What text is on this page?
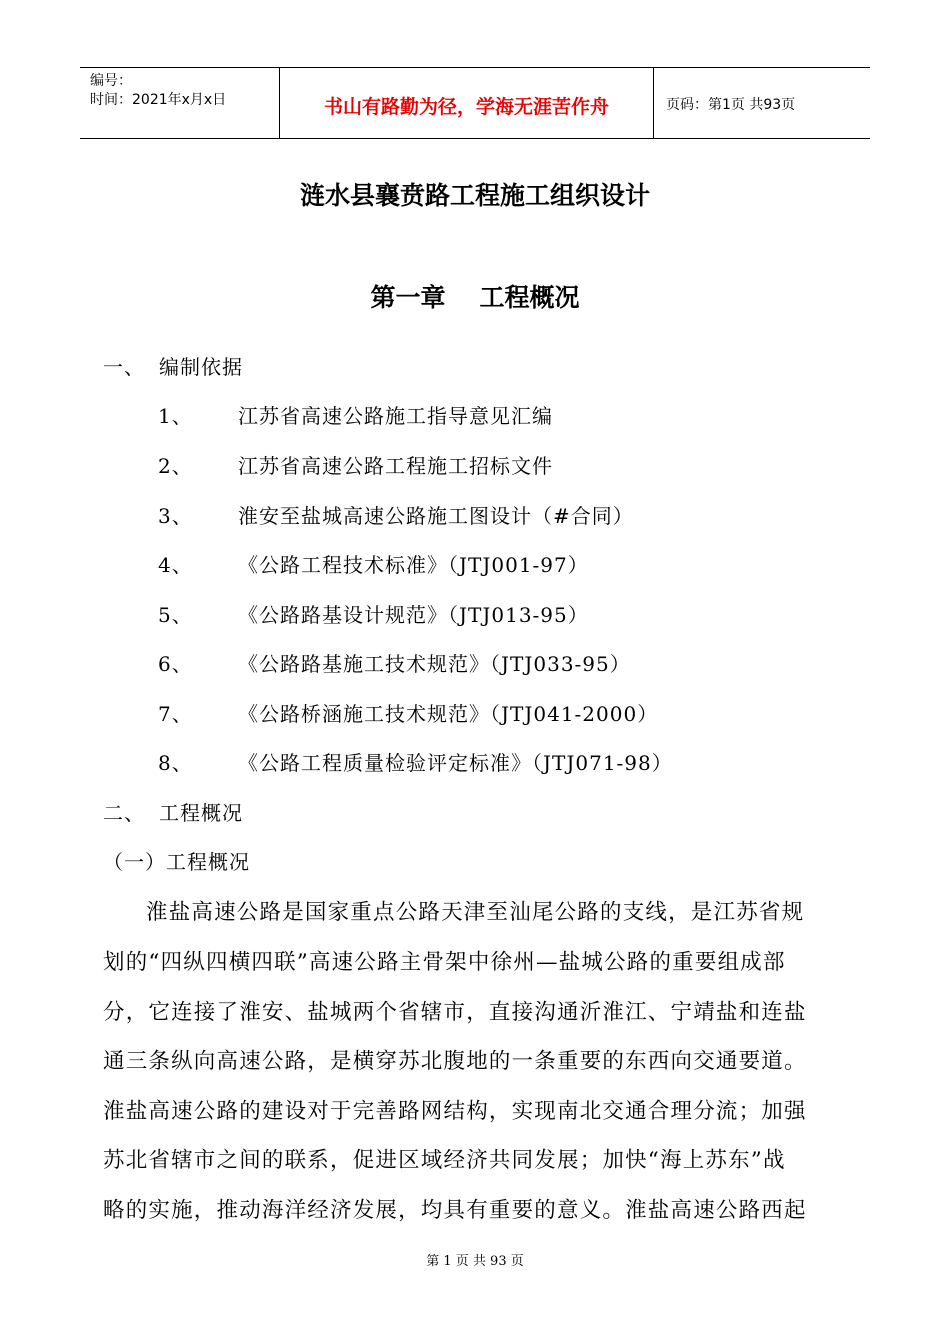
编号：
时间：2021年x月x日	书山有路勤为径，学海无涯苦作舟	页码：第1页 共93页
涟水县襄贲路工程施工组织设计
第一章 工程概况
一、 编制依据
1、 江苏省高速公路施工指导意见汇编
2、 江苏省高速公路工程施工招标文件
3、 淮安至盐城高速公路施工图设计（#合同）
4、 《公路工程技术标准》（JTJ001-97）
5、 《公路路基设计规范》（JTJ013-95）
6、 《公路路基施工技术规范》（JTJ033-95）
7、 《公路桥涵施工技术规范》（JTJ041-2000）
8、 《公路工程质量检验评定标准》（JTJ071-98）
二、 工程概况
（一）工程概况
淮盐高速公路是国家重点公路天津至汕尾公路的支线，是江苏省规
划的“四纵四横四联”高速公路主骨架中徐州—盐城公路的重要组成部
分，它连接了淮安、盐城两个省辖市，直接沟通沂淮江、宁靖盐和连盐
通三条纵向高速公路，是横穿苏北腹地的一条重要的东西向交通要道。
淮盐高速公路的建设对于完善路网结构，实现南北交通合理分流；加强
苏北省辖市之间的联系，促进区域经济共同发展；加快“海上苏东”战
略的实施，推动海洋经济发展，均具有重要的意义。淮盐高速公路西起
第 1 页 共 93 页
